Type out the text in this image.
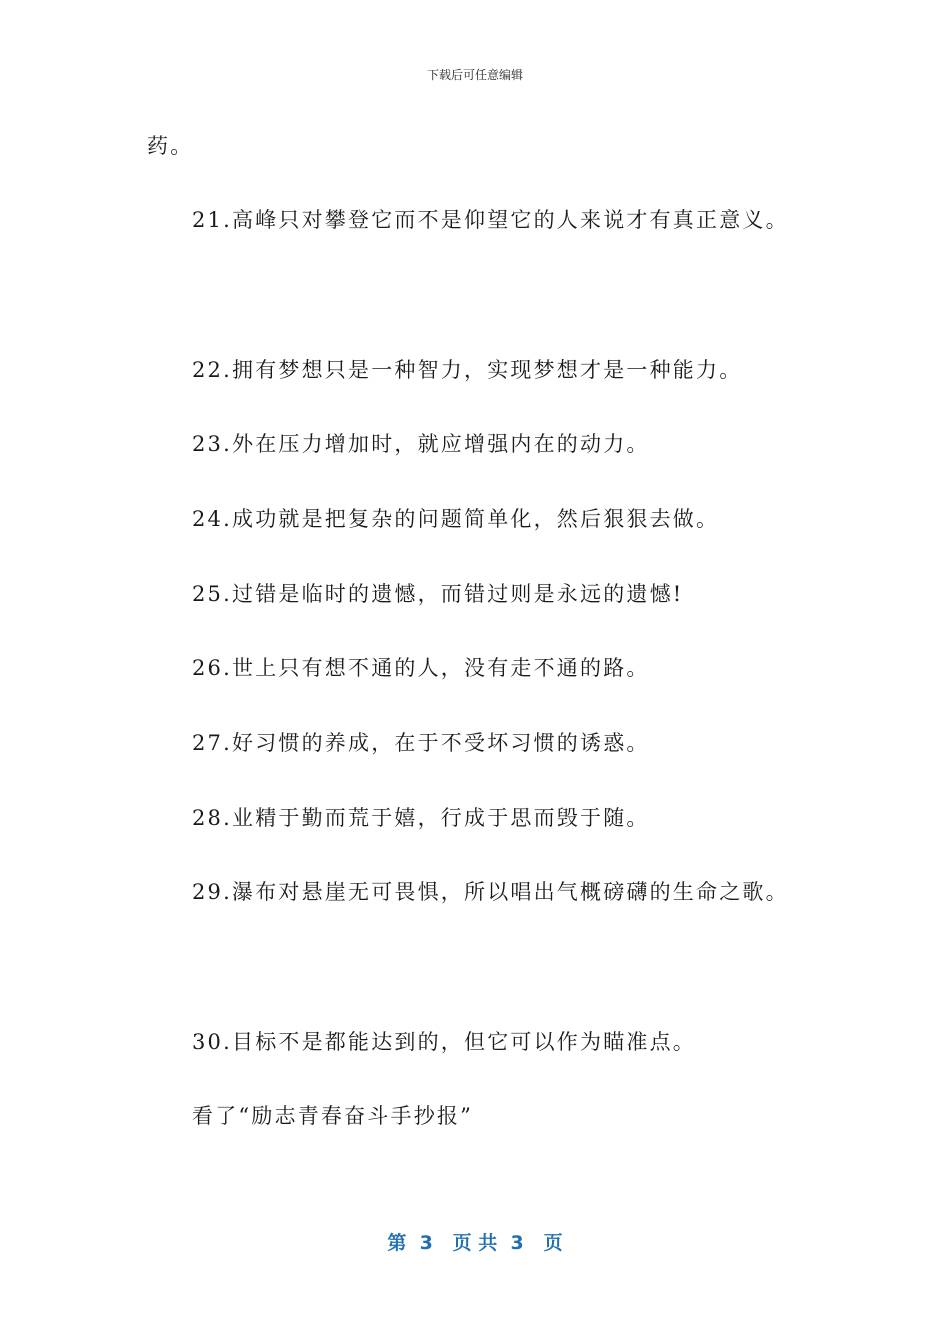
下载后可任意编辑
药。
21.高峰只对攀登它而不是仰望它的人来说才有真正意义。
22.拥有梦想只是一种智力，实现梦想才是一种能力。
23.外在压力增加时，就应增强内在的动力。
24.成功就是把复杂的问题简单化，然后狠狠去做。
25.过错是临时的遗憾，而错过则是永远的遗憾!
26.世上只有想不通的人，没有走不通的路。
27.好习惯的养成，在于不受坏习惯的诱惑。
28.业精于勤而荒于嬉，行成于思而毁于随。
29.瀑布对悬崖无可畏惧，所以唱出气概磅礴的生命之歌。
30.目标不是都能达到的，但它可以作为瞄准点。
看了“励志青春奋斗手抄报”
第  3   页 共  3   页
